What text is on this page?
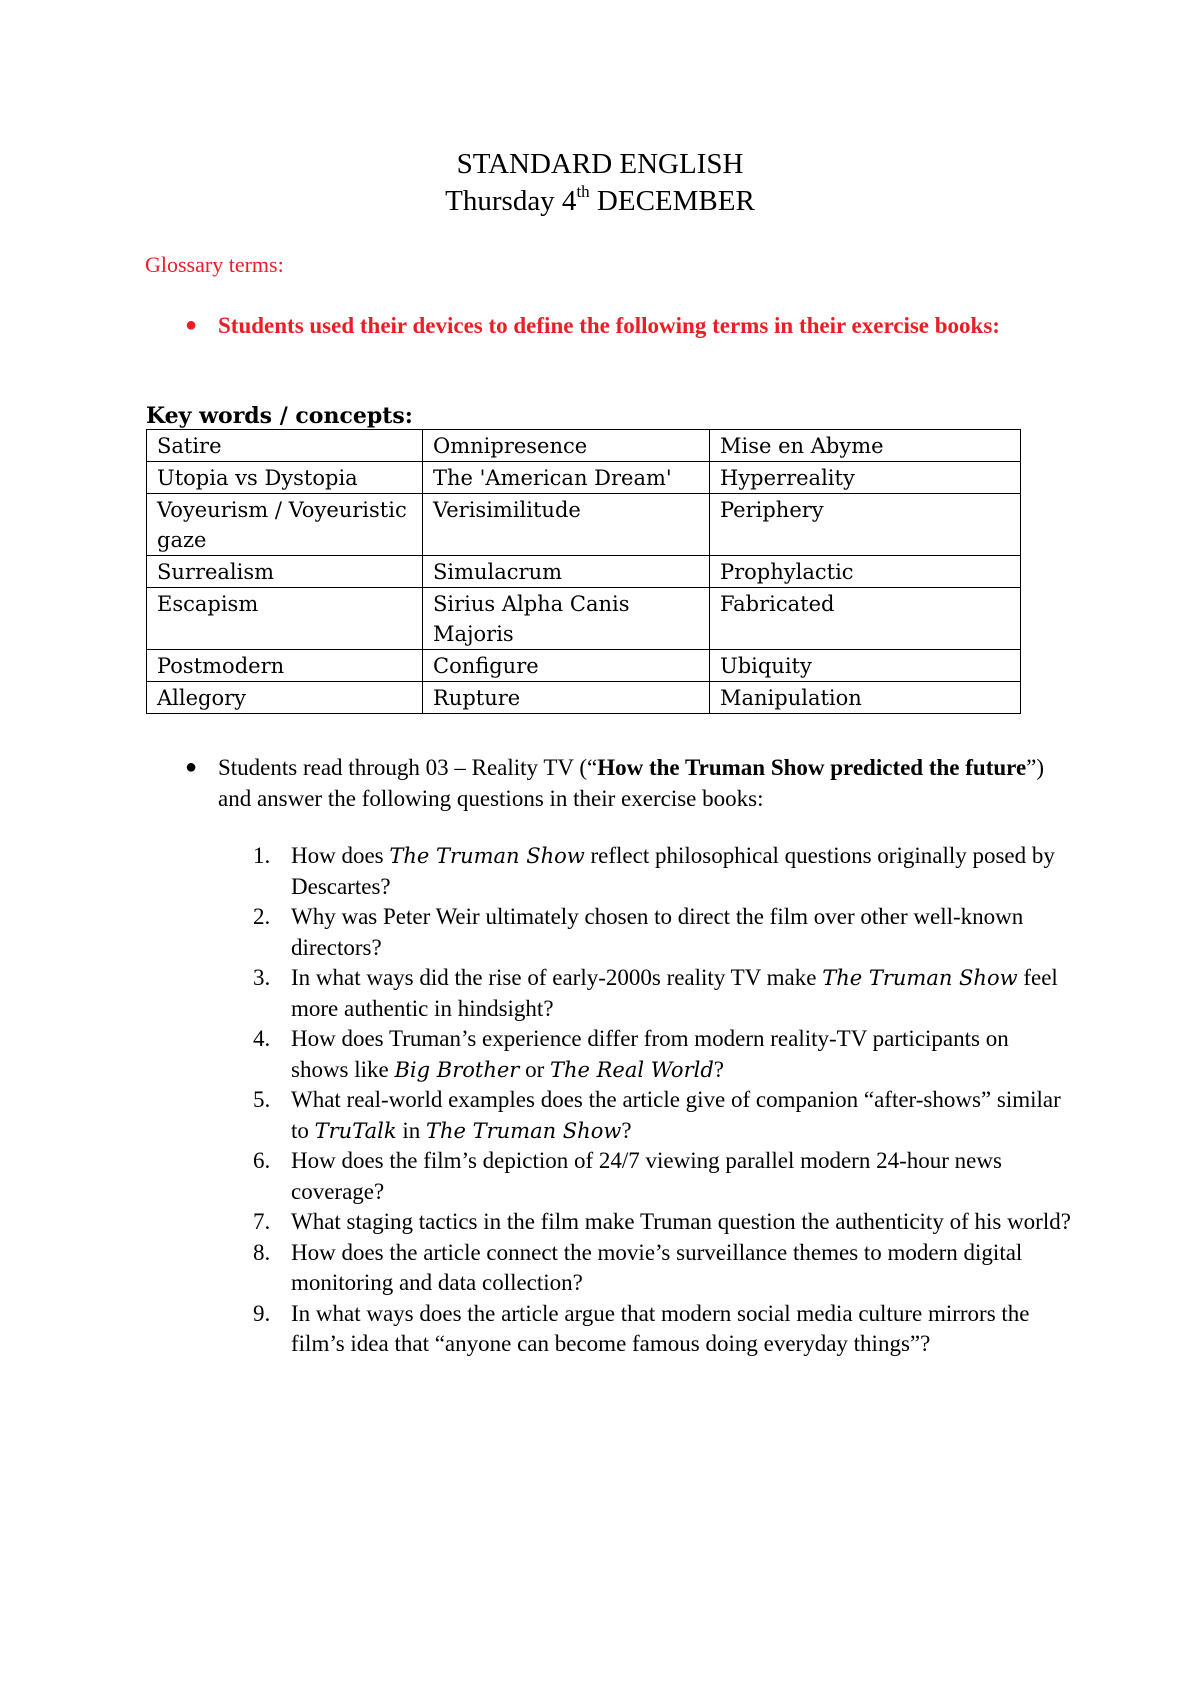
STANDARD ENGLISH
Thursday 4th DECEMBER
Glossary terms:
● Students used their devices to define the following terms in their exercise books:
Key words / concepts:
Satire	Omnipresence	Mise en Abyme
Utopia vs Dystopia	The 'American Dream'	Hyperreality
Voyeurism / Voyeuristic gaze	Verisimilitude	Periphery
Surrealism	Simulacrum	Prophylactic
Escapism	Sirius Alpha Canis Majoris	Fabricated
Postmodern	Configure	Ubiquity
Allegory	Rupture	Manipulation
● Students read through 03 – Reality TV (“How the Truman Show predicted the future”) and answer the following questions in their exercise books:
1. How does The Truman Show reflect philosophical questions originally posed by Descartes?
2. Why was Peter Weir ultimately chosen to direct the film over other well-known directors?
3. In what ways did the rise of early-2000s reality TV make The Truman Show feel more authentic in hindsight?
4. How does Truman’s experience differ from modern reality-TV participants on shows like Big Brother or The Real World?
5. What real-world examples does the article give of companion “after-shows” similar to TruTalk in The Truman Show?
6. How does the film’s depiction of 24/7 viewing parallel modern 24-hour news coverage?
7. What staging tactics in the film make Truman question the authenticity of his world?
8. How does the article connect the movie’s surveillance themes to modern digital monitoring and data collection?
9. In what ways does the article argue that modern social media culture mirrors the film’s idea that “anyone can become famous doing everyday things”?
